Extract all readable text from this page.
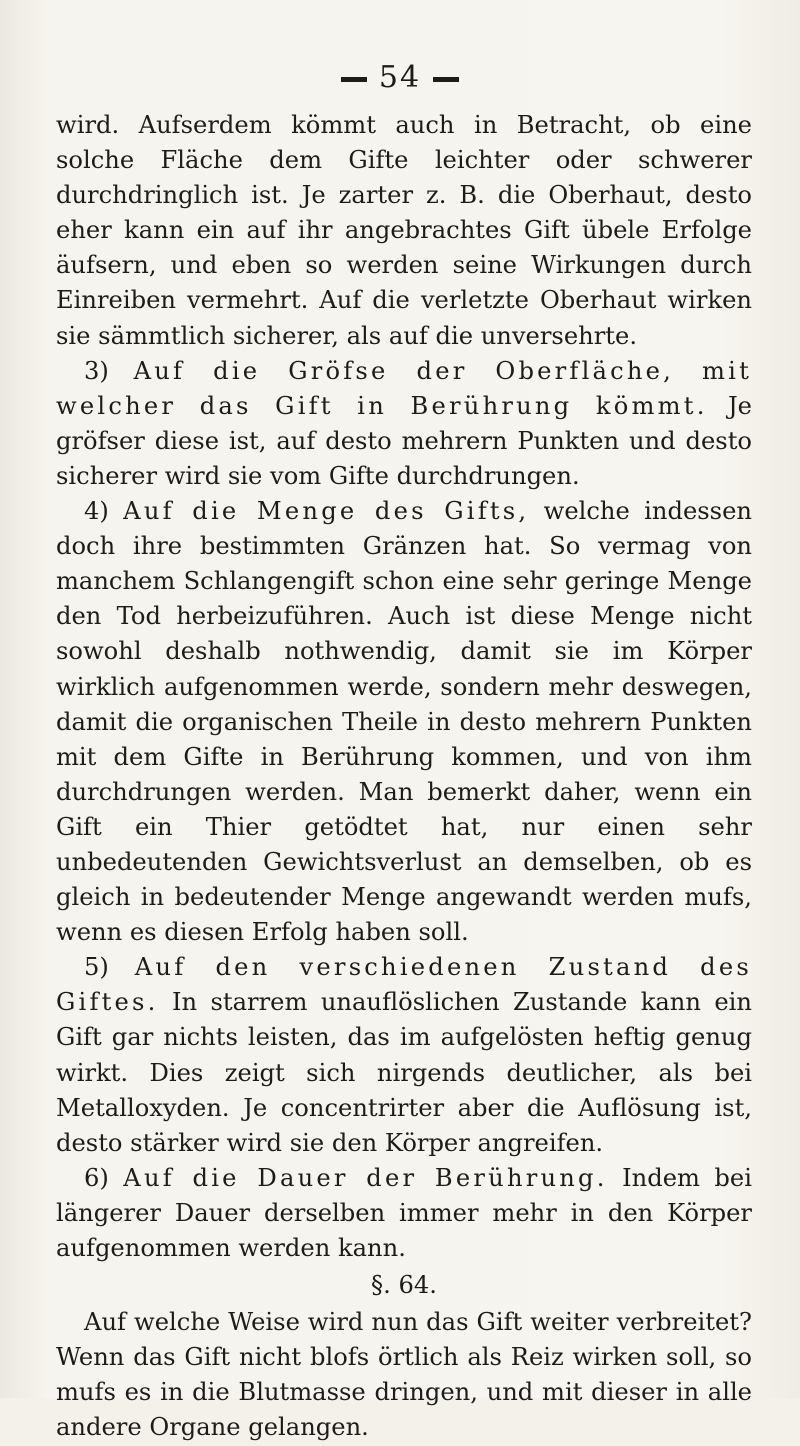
54

wird. Aufserdem kömmt auch in Betracht, ob eine solche Fläche dem Gifte leichter oder schwerer durchdringlich ist. Je zarter z. B. die Oberhaut, desto eher kann ein auf ihr angebrachtes Gift übele Erfolge äufsern, und eben so werden seine Wirkungen durch Einreiben vermehrt. Auf die verletzte Oberhaut wirken sie sämmtlich sicherer, als auf die unversehrte.

3) Auf die Gröfse der Oberfläche, mit welcher das Gift in Berührung kömmt. Je gröfser diese ist, auf desto mehrern Punkten und desto sicherer wird sie vom Gifte durchdrungen.

4) Auf die Menge des Gifts, welche indessen doch ihre bestimmten Gränzen hat. So vermag von manchem Schlangengift schon eine sehr geringe Menge den Tod herbeizuführen. Auch ist diese Menge nicht sowohl deshalb nothwendig, damit sie im Körper wirklich aufgenommen werde, sondern mehr deswegen, damit die organischen Theile in desto mehrern Punkten mit dem Gifte in Berührung kommen, und von ihm durchdrungen werden. Man bemerkt daher, wenn ein Gift ein Thier getödtet hat, nur einen sehr unbedeutenden Gewichtsverlust an demselben, ob es gleich in bedeutender Menge angewandt werden mufs, wenn es diesen Erfolg haben soll.

5) Auf den verschiedenen Zustand des Giftes. In starrem unauflöslichen Zustande kann ein Gift gar nichts leisten, das im aufgelösten heftig genug wirkt. Dies zeigt sich nirgends deutlicher, als bei Metalloxyden. Je concentrirter aber die Auflösung ist, desto stärker wird sie den Körper angreifen.

6) Auf die Dauer der Berührung. Indem bei längerer Dauer derselben immer mehr in den Körper aufgenommen werden kann.

§. 64.

Auf welche Weise wird nun das Gift weiter verbreitet? Wenn das Gift nicht blofs örtlich als Reiz wirken soll, so mufs es in die Blutmasse dringen, und mit dieser in alle andere Organe gelangen.
